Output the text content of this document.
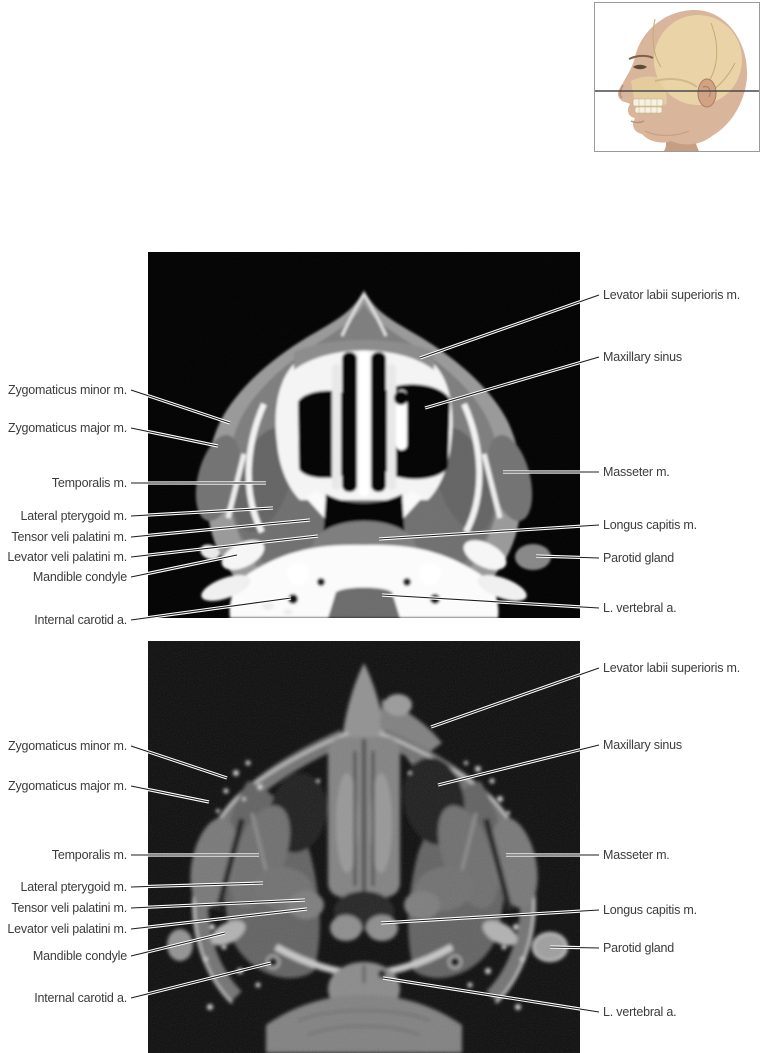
Zygomaticus minor m.
Zygomaticus major m.
Temporalis m.
Lateral pterygoid m.
Tensor veli palatini m.
Levator veli palatini m.
Mandible condyle
Internal carotid a.
Levator labii superioris m.
Maxillary sinus
Masseter m.
Longus capitis m.
Parotid gland
L. vertebral a.
Zygomaticus minor m.
Zygomaticus major m.
Temporalis m.
Lateral pterygoid m.
Tensor veli palatini m.
Levator veli palatini m.
Mandible condyle
Internal carotid a.
Levator labii superioris m.
Maxillary sinus
Masseter m.
Longus capitis m.
Parotid gland
L. vertebral a.
